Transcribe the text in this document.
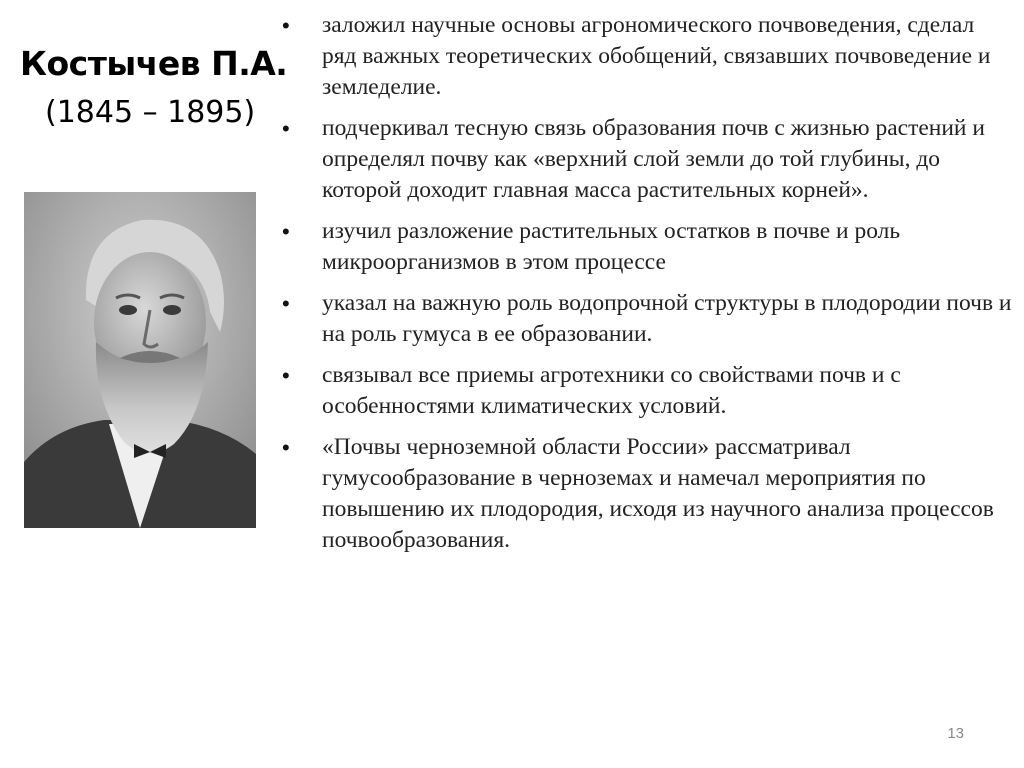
Костычев П.А.
(1845 – 1895)
• заложил научные основы агрономического почвоведения, сделал ряд важных теоретических обобщений, связавших почвоведение и земледелие.
• подчеркивал тесную связь образования почв с жизнью растений и определял почву как «верхний слой земли до той глубины, до которой доходит главная масса растительных корней».
• изучил разложение растительных остатков в почве и роль микроорганизмов в этом процессе
• указал на важную роль водопрочной структуры в плодородии почв и на роль гумуса в ее образовании.
• связывал все приемы агротехники со свойствами почв и с особенностями климатических условий.
• «Почвы черноземной области России» рассматривал гумусообразование в черноземах и намечал мероприятия по повышению их плодородия, исходя из научного анализа процессов почвообразования.
13
